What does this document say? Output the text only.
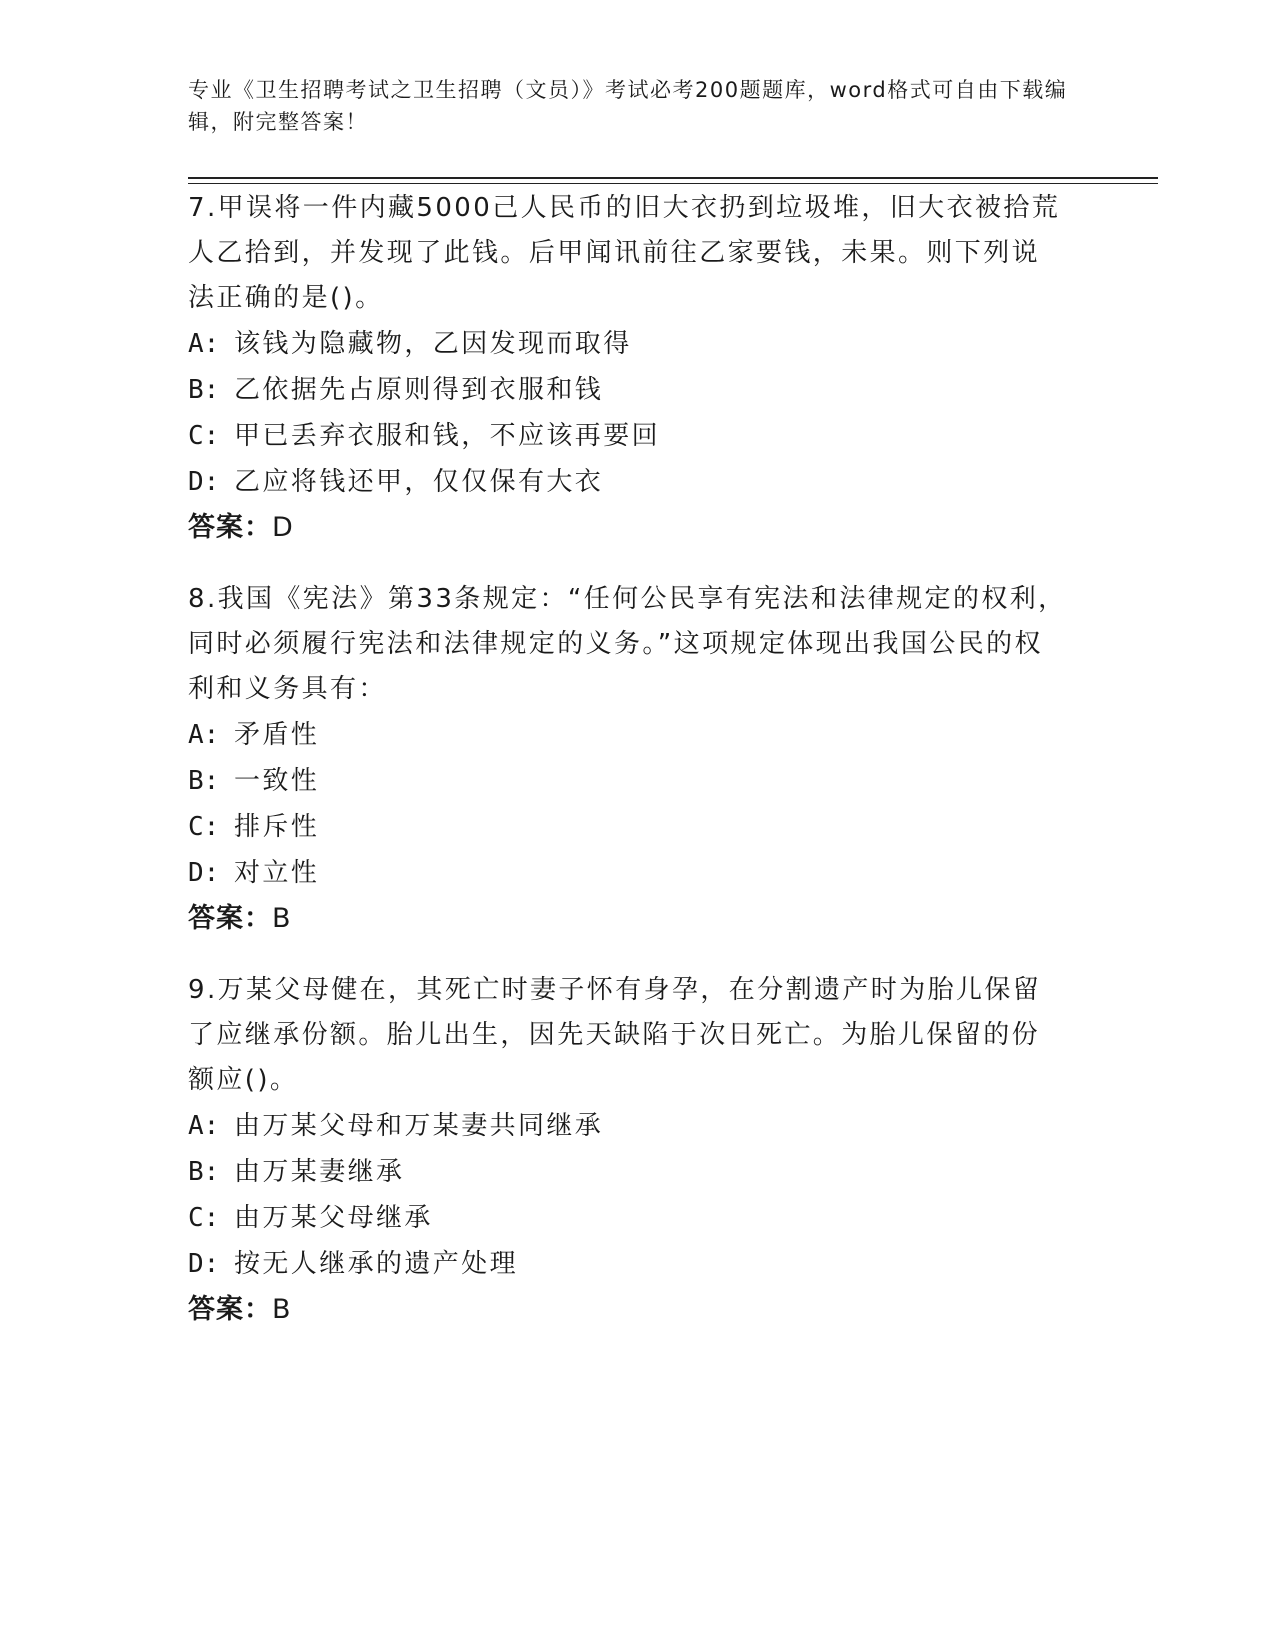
专业《卫生招聘考试之卫生招聘（文员）》考试必考200题题库，word格式可自由下载编辑，附完整答案！

7.甲误将一件内藏5000己人民币的旧大衣扔到垃圾堆，旧大衣被拾荒人乙拾到，并发现了此钱。后甲闻讯前往乙家要钱，未果。则下列说法正确的是()。

A: 该钱为隐藏物，乙因发现而取得

B: 乙依据先占原则得到衣服和钱

C: 甲已丢弃衣服和钱，不应该再要回

D: 乙应将钱还甲，仅仅保有大衣

答案：D

8.我国《宪法》第33条规定：“任何公民享有宪法和法律规定的权利，同时必须履行宪法和法律规定的义务。”这项规定体现出我国公民的权利和义务具有：

A: 矛盾性

B: 一致性

C: 排斥性

D: 对立性

答案：B

9.万某父母健在，其死亡时妻子怀有身孕，在分割遗产时为胎儿保留了应继承份额。胎儿出生，因先天缺陷于次日死亡。为胎儿保留的份额应()。

A: 由万某父母和万某妻共同继承

B: 由万某妻继承

C: 由万某父母继承

D: 按无人继承的遗产处理

答案：B
